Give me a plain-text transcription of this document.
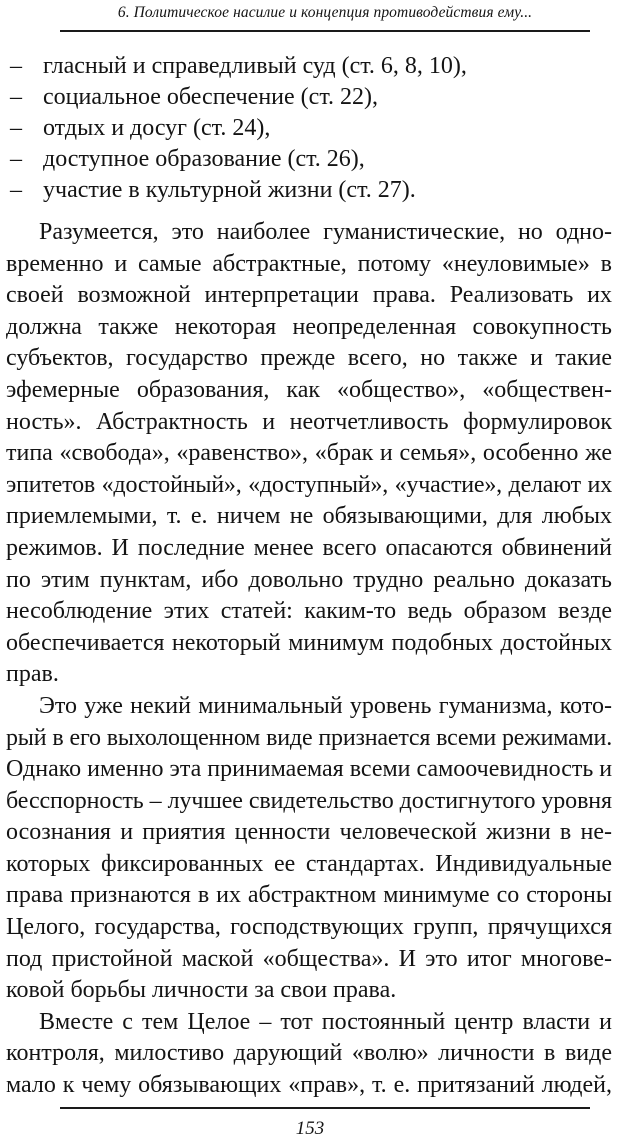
6. Политическое насилие и концепция противодействия ему...
– гласный и справедливый суд (ст. 6, 8, 10),
– социальное обеспечение (ст. 22),
– отдых и досуг (ст. 24),
– доступное образование (ст. 26),
– участие в культурной жизни (ст. 27).
Разумеется, это наиболее гуманистические, но одно-
временно и самые абстрактные, потому «неуловимые» в
своей возможной интерпретации права. Реализовать их
должна также некоторая неопределенная совокупность
субъектов, государство прежде всего, но также и такие
эфемерные образования, как «общество», «обществен-
ность». Абстрактность и неотчетливость формулировок
типа «свобода», «равенство», «брак и семья», особенно же
эпитетов «достойный», «доступный», «участие», делают их
приемлемыми, т. е. ничем не обязывающими, для любых
режимов. И последние менее всего опасаются обвинений
по этим пунктам, ибо довольно трудно реально доказать
несоблюдение этих статей: каким-то ведь образом везде
обеспечивается некоторый минимум подобных достойных
прав.
Это уже некий минимальный уровень гуманизма, кото-
рый в его выхолощенном виде признается всеми режимами.
Однако именно эта принимаемая всеми самоочевидность и
бесспорность – лучшее свидетельство достигнутого уровня
осознания и приятия ценности человеческой жизни в не-
которых фиксированных ее стандартах. Индивидуальные
права признаются в их абстрактном минимуме со стороны
Целого, государства, господствующих групп, прячущихся
под пристойной маской «общества». И это итог многове-
ковой борьбы личности за свои права.
Вместе с тем Целое – тот постоянный центр власти и
контроля, милостиво дарующий «волю» личности в виде
мало к чему обязывающих «прав», т. е. притязаний людей,
153
